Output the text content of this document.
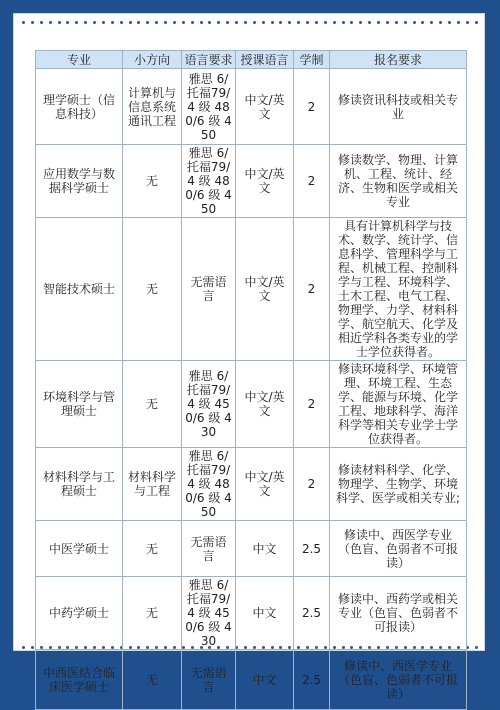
专业	小方向	语言要求	授课语言	学制	报名要求
理学硕士（信息科技）	计算机与信息系统通讯工程	雅思 6/托福79/4 级 480/6 级 450	中文/英文	2	修读资讯科技或相关专业
应用数学与数据科学硕士	无	雅思 6/托福79/4 级 480/6 级 450	中文/英文	2	修读数学、物理、计算机、工程、统计、经济、生物和医学或相关专业
智能技术硕士	无	无需语言	中文/英文	2	具有计算机科学与技术、数学、统计学、信息科学、管理科学与工程、机械工程、控制科学与工程、环境科学、土木工程、电气工程、物理学、力学、材料科学、航空航天、化学及相近学科各类专业的学士学位获得者。
环境科学与管理硕士	无	雅思 6/托福79/4 级 450/6 级 430	中文/英文	2	修读环境科学、环境管理、环境工程、生态学、能源与环境、化学工程、地球科学、海洋科学等相关专业学士学位获得者。
材料科学与工程硕士	材料科学与工程	雅思 6/托福79/4 级 480/6 级 450	中文/英文	2	修读材料科学、化学、物理学、生物学、环境科学、医学或相关专业;
中医学硕士	无	无需语言	中文	2.5	修读中、西医学专业（色盲、色弱者不可报读）
中药学硕士	无	雅思 6/托福79/4 级 450/6 级 430	中文	2.5	修读中、西药学或相关专业（色盲、色弱者不可报读）
中西医结合临床医学硕士	无	无需语言	中文	2.5	修读中、西医学专业（色盲、色弱者不可报读）
